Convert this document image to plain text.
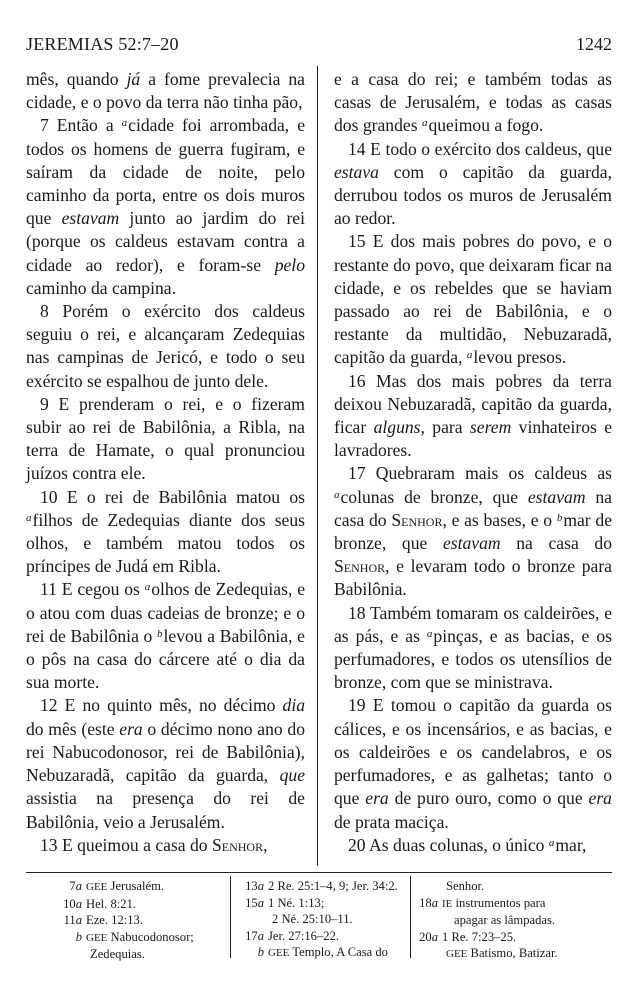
JEREMIAS 52:7–20	1242

mês, quando já a fome prevalecia na cidade, e o povo da terra não tinha pão,

7 Então a $^a$cidade foi arrombada, e todos os homens de guerra fugiram, e saíram da cidade de noite, pelo caminho da porta, entre os dois muros que estavam junto ao jardim do rei (porque os caldeus estavam contra a cidade ao redor), e foram-se pelo caminho da campina.

8 Porém o exército dos caldeus seguiu o rei, e alcançaram Zedequias nas campinas de Jericó, e todo o seu exército se espalhou de junto dele.

9 E prenderam o rei, e o fizeram subir ao rei de Babilônia, a Ribla, na terra de Hamate, o qual pronunciou juízos contra ele.

10 E o rei de Babilônia matou os $^a$filhos de Zedequias diante dos seus olhos, e também matou todos os príncipes de Judá em Ribla.

11 E cegou os $^a$olhos de Zedequias, e o atou com duas cadeias de bronze; e o rei de Babilônia o $^b$levou a Babilônia, e o pôs na casa do cárcere até o dia da sua morte.

12 E no quinto mês, no décimo dia do mês (este era o décimo nono ano do rei Nabucodonosor, rei de Babilônia), Nebuzaradã, capitão da guarda, que assistia na presença do rei de Babilônia, veio a Jerusalém.

13 E queimou a casa do Senhor,

e a casa do rei; e também todas as casas de Jerusalém, e todas as casas dos grandes $^a$queimou a fogo.

14 E todo o exército dos caldeus, que estava com o capitão da guarda, derrubou todos os muros de Jerusalém ao redor.

15 E dos mais pobres do povo, e o restante do povo, que deixaram ficar na cidade, e os rebeldes que se haviam passado ao rei de Babilônia, e o restante da multidão, Nebuzaradã, capitão da guarda, $^a$levou presos.

16 Mas dos mais pobres da terra deixou Nebuzaradã, capitão da guarda, ficar alguns, para serem vinhateiros e lavradores.

17 Quebraram mais os caldeus as $^a$colunas de bronze, que estavam na casa do Senhor, e as bases, e o $^b$mar de bronze, que estavam na casa do Senhor, e levaram todo o bronze para Babilônia.

18 Também tomaram os caldeirões, e as pás, e as $^a$pinças, e as bacias, e os perfumadores, e todos os utensílios de bronze, com que se ministrava.

19 E tomou o capitão da guarda os cálices, e os incensários, e as bacias, e os caldeirões e os candelabros, e os perfumadores, e as galhetas; tanto o que era de puro ouro, como o que era de prata maciça.

20 As duas colunas, o único $^a$mar,

7a GEE Jerusalém.
10a Hel. 8:21.
11a Eze. 12:13.
b GEE Nabucodonosor;
Zedequias.
13a 2 Re. 25:1–4, 9; Jer. 34:2.
15a 1 Né. 1:13;
2 Né. 25:10–11.
17a Jer. 27:16–22.
b GEE Templo, A Casa do
Senhor.
18a IE instrumentos para
apagar as lâmpadas.
20a 1 Re. 7:23–25.
GEE Batismo, Batizar.
